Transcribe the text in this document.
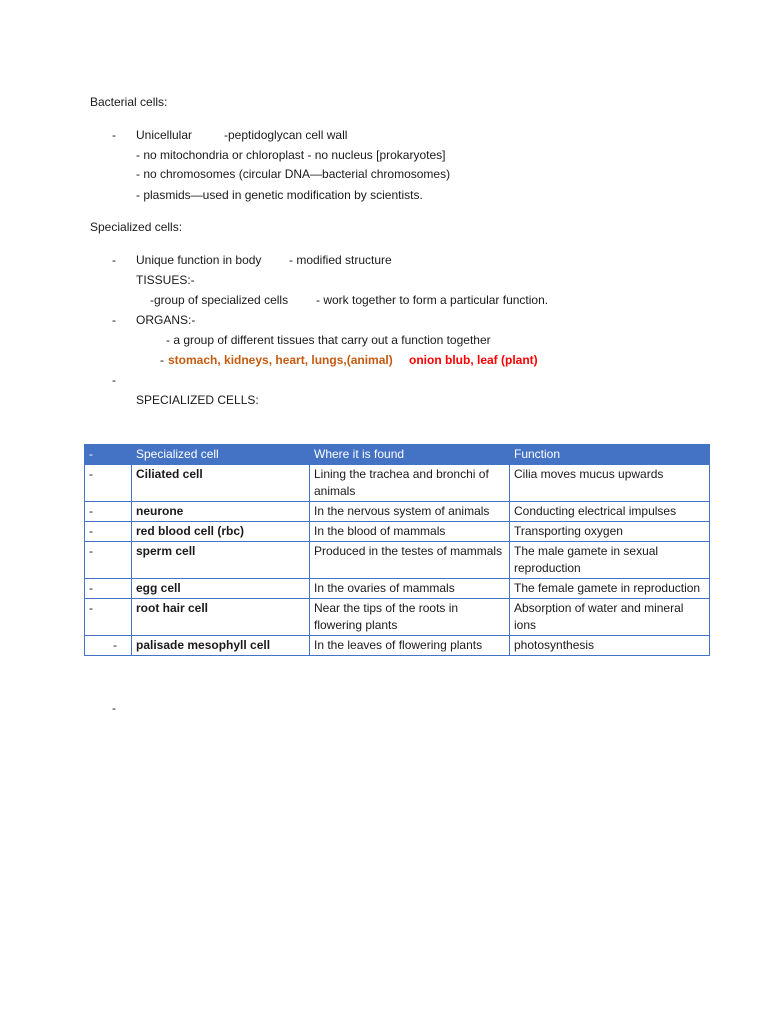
Bacterial cells:
- Unicellular	-peptidoglycan cell wall
- no mitochondria or chloroplast - no nucleus [prokaryotes]
- no chromosomes (circular DNA—bacterial chromosomes)
- plasmids—used in genetic modification by scientists.
Specialized cells:
- Unique function in body - modified structure
TISSUES:-
-group of specialized cells - work together to form a particular function.
- ORGANS:-
- a group of different tissues that carry out a function together
- stomach, kidneys, heart, lungs,(animal) onion blub, leaf (plant)
-
SPECIALIZED CELLS:
-	Specialized cell	Where it is found	Function
-	Ciliated cell	Lining the trachea and bronchi of animals	Cilia moves mucus upwards
-	neurone	In the nervous system of animals	Conducting electrical impulses
-	red blood cell (rbc)	In the blood of mammals	Transporting oxygen
-	sperm cell	Produced in the testes of mammals	The male gamete in sexual reproduction
-	egg cell	In the ovaries of mammals	The female gamete in reproduction
-	root hair cell	Near the tips of the roots in flowering plants	Absorption of water and mineral ions
-	palisade mesophyll cell	In the leaves of flowering plants	photosynthesis
-
